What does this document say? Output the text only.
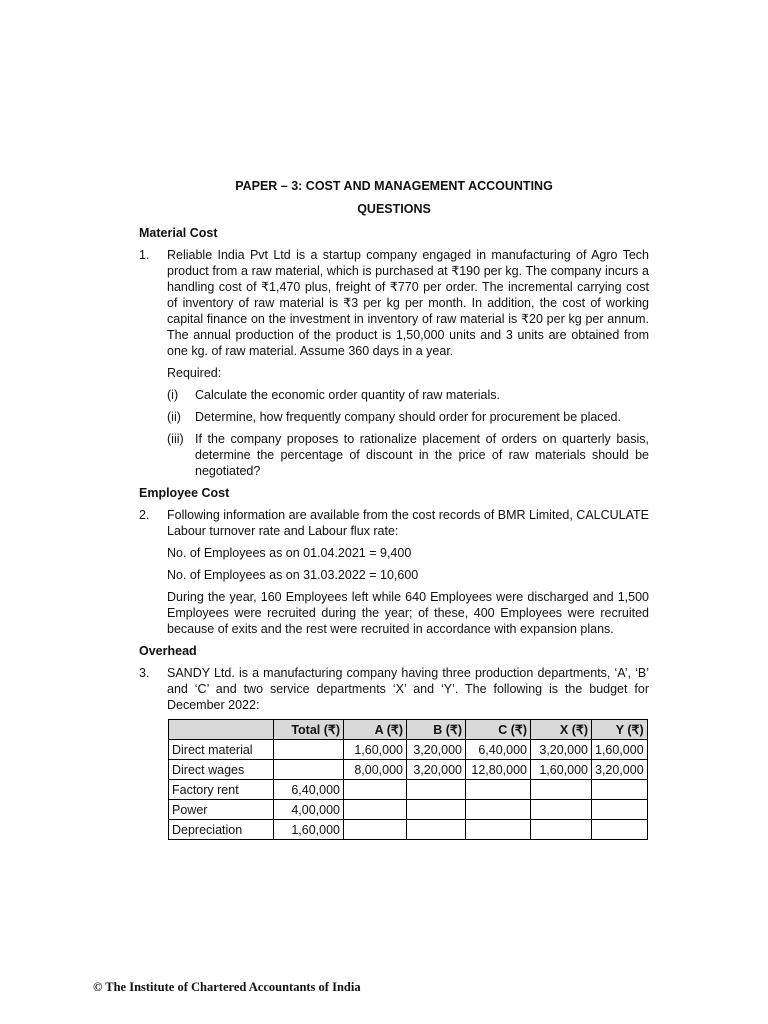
PAPER – 3: COST AND MANAGEMENT ACCOUNTING
QUESTIONS
Material Cost
1. Reliable India Pvt Ltd is a startup company engaged in manufacturing of Agro Tech product from a raw material, which is purchased at ₹190 per kg. The company incurs a handling cost of ₹1,470 plus, freight of ₹770 per order. The incremental carrying cost of inventory of raw material is ₹3 per kg per month. In addition, the cost of working capital finance on the investment in inventory of raw material is ₹20 per kg per annum. The annual production of the product is 1,50,000 units and 3 units are obtained from one kg. of raw material. Assume 360 days in a year.
Required:
(i) Calculate the economic order quantity of raw materials.
(ii) Determine, how frequently company should order for procurement be placed.
(iii) If the company proposes to rationalize placement of orders on quarterly basis, determine the percentage of discount in the price of raw materials should be negotiated?
Employee Cost
2. Following information are available from the cost records of BMR Limited, CALCULATE Labour turnover rate and Labour flux rate:
No. of Employees as on 01.04.2021 = 9,400
No. of Employees as on 31.03.2022 = 10,600
During the year, 160 Employees left while 640 Employees were discharged and 1,500 Employees were recruited during the year; of these, 400 Employees were recruited because of exits and the rest were recruited in accordance with expansion plans.
Overhead
3. SANDY Ltd. is a manufacturing company having three production departments, ‘A’, ‘B’ and ‘C’ and two service departments ‘X’ and ‘Y’. The following is the budget for December 2022:
	Total (₹)	A (₹)	B (₹)	C (₹)	X (₹)	Y (₹)
Direct material		1,60,000	3,20,000	6,40,000	3,20,000	1,60,000
Direct wages		8,00,000	3,20,000	12,80,000	1,60,000	3,20,000
Factory rent	6,40,000					
Power	4,00,000					
Depreciation	1,60,000					
© The Institute of Chartered Accountants of India
